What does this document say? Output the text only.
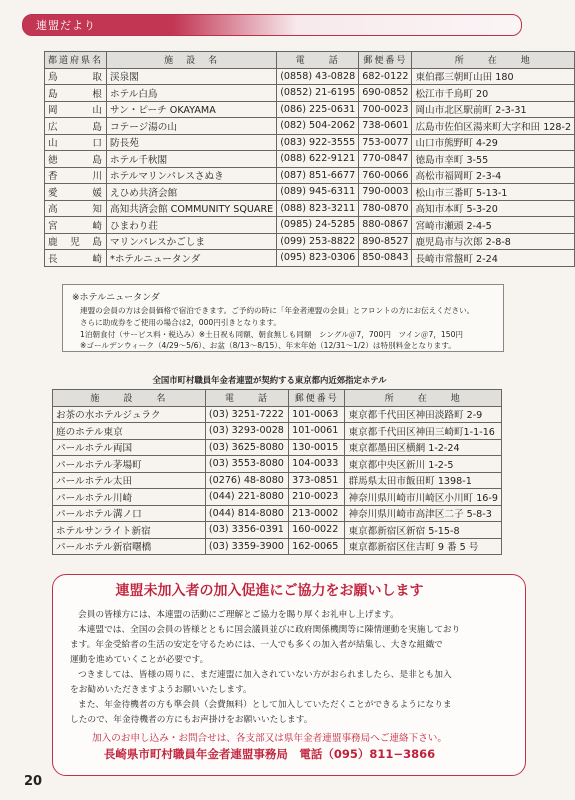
連盟だより
都道府県名	施　設　名	電　　話	郵便番号	所　　在　　地
鳥　取	渓泉閣	(0858) 43-0828	682-0122	東伯郡三朝町山田 180
島　根	ホテル白鳥	(0852) 21-6195	690-0852	松江市千鳥町 20
岡　山	サン・ピーチ OKAYAMA	(086) 225-0631	700-0023	岡山市北区駅前町 2-3-31
広　島	コテージ湯の山	(082) 504-2062	738-0601	広島市佐伯区湯来町大字和田 128-2
山　口	防長苑	(083) 922-3555	753-0077	山口市熊野町 4-29
徳　島	ホテル千秋閣	(088) 622-9121	770-0847	徳島市幸町 3-55
香　川	ホテルマリンパレスさぬき	(087) 851-6677	760-0066	高松市福岡町 2-3-4
愛　媛	えひめ共済会館	(089) 945-6311	790-0003	松山市三番町 5-13-1
高　知	高知共済会館 COMMUNITY SQUARE	(088) 823-3211	780-0870	高知市本町 5-3-20
宮　崎	ひまわり荘	(0985) 24-5285	880-0867	宮崎市瀬頭 2-4-5
鹿児島	マリンパレスかごしま	(099) 253-8822	890-8527	鹿児島市与次郎 2-8-8
長　崎	*ホテルニュータンダ	(095) 823-0306	850-0843	長崎市常盤町 2-24
※ホテルニュータンダ
連盟の会員の方は会員価格で宿泊できます。ご予約の時に「年金者連盟の会員」とフロントの方にお伝えください。
さらに助成券をご使用の場合は2，000円引きとなります。
1泊朝食付（サービス料・税込み）※土日祝も同額、朝食無しも同額　シングル＠7，700円　ツイン＠7，150円
※ゴールデンウィーク（4/29〜5/6）、お盆（8/13〜8/15）、年末年始（12/31〜1/2）は特別料金となります。
全国市町村職員年金者連盟が契約する東京都内近郊指定ホテル
施　　設　　名	電　　話	郵便番号	所　　在　　地
お茶の水ホテルジュラク	(03) 3251-7222	101-0063	東京都千代田区神田淡路町 2-9
庭のホテル東京	(03) 3293-0028	101-0061	東京都千代田区神田三崎町1-1-16
パールホテル両国	(03) 3625-8080	130-0015	東京都墨田区横網 1-2-24
パールホテル茅場町	(03) 3553-8080	104-0033	東京都中央区新川 1-2-5
パールホテル太田	(0276) 48-8080	373-0851	群馬県太田市飯田町 1398-1
パールホテル川崎	(044) 221-8080	210-0023	神奈川県川崎市川崎区小川町 16-9
パールホテル溝ノ口	(044) 814-8080	213-0002	神奈川県川崎市高津区二子 5-8-3
ホテルサンライト新宿	(03) 3356-0391	160-0022	東京都新宿区新宿 5-15-8
パールホテル新宿曙橋	(03) 3359-3900	162-0065	東京都新宿区住吉町 9 番 5 号
連盟未加入者の加入促進にご協力をお願いします
会員の皆様方には、本連盟の活動にご理解とご協力を賜り厚くお礼申し上げます。
本連盟では、全国の会員の皆様とともに国会議員並びに政府関係機関等に陳情運動を実施しており
ます。年金受給者の生活の安定を守るためには、一人でも多くの加入者が結集し、大きな組織で
運動を進めていくことが必要です。
つきましては、皆様の周りに、まだ連盟に加入されていない方がおられましたら、是非とも加入
をお勧めいただきますようお願いいたします。
また、年金待機者の方も準会員（会費無料）として加入していただくことができるようになりま
したので、年金待機者の方にもお声掛けをお願いいたします。
加入のお申し込み・お問合せは、各支部又は県年金者連盟事務局へご連絡下さい。
長崎県市町村職員年金者連盟事務局　電話（095）811−3866
20
